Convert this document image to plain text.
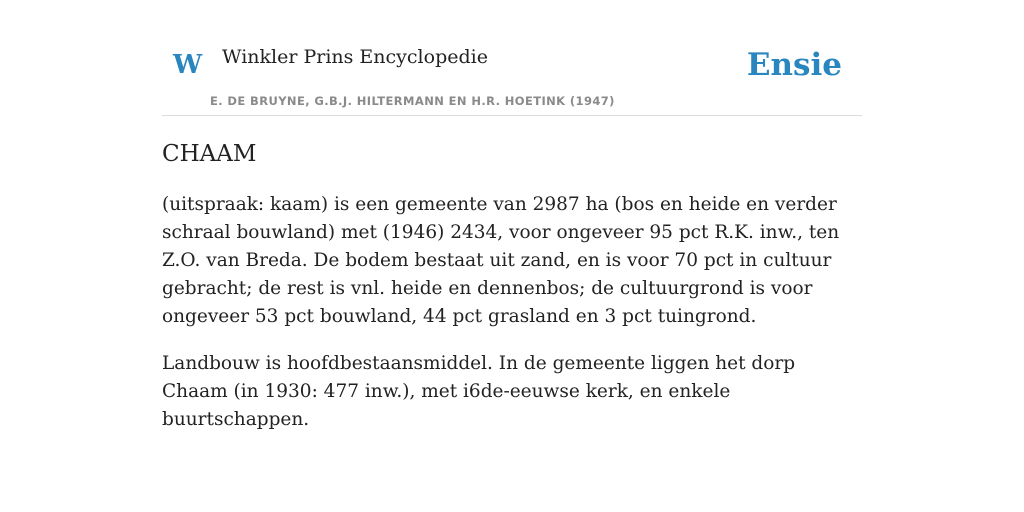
W Winkler Prins Encyclopedie
E. DE BRUYNE, G.B.J. HILTERMANN EN H.R. HOETINK (1947)
Ensie
CHAAM

(uitspraak: kaam) is een gemeente van 2987 ha (bos en heide en verder schraal bouwland) met (1946) 2434, voor ongeveer 95 pct R.K. inw., ten Z.O. van Breda. De bodem bestaat uit zand, en is voor 70 pct in cultuur gebracht; de rest is vnl. heide en dennenbos; de cultuurgrond is voor ongeveer 53 pct bouwland, 44 pct grasland en 3 pct tuingrond.

Landbouw is hoofdbestaansmiddel. In de gemeente liggen het dorp Chaam (in 1930: 477 inw.), met i6de-eeuwse kerk, en enkele buurtschappen.
